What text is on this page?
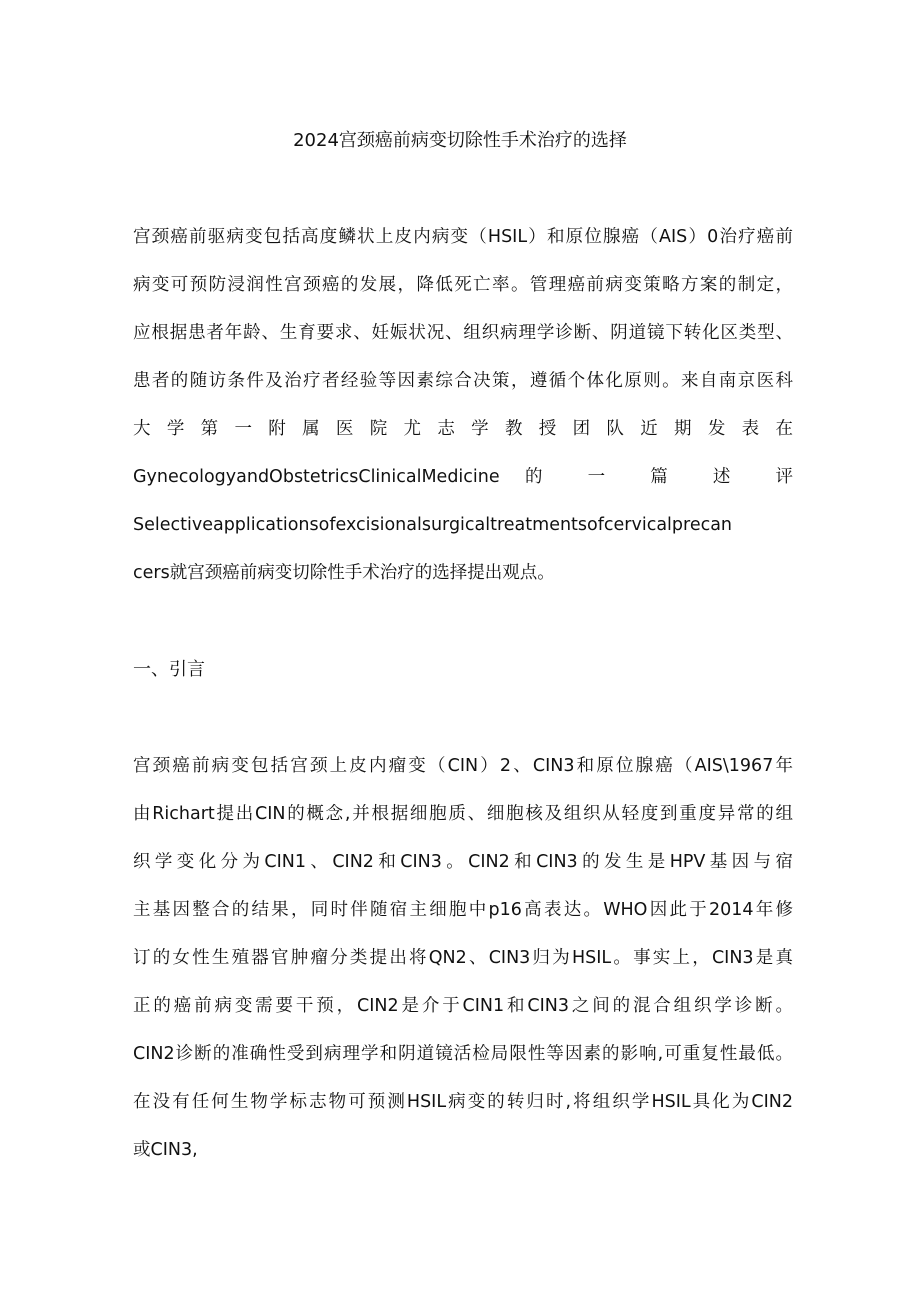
2024宫颈癌前病变切除性手术治疗的选择
宫颈癌前驱病变包括高度鳞状上皮内病变（HSIL）和原位腺癌（AIS）0治疗癌前
病变可预防浸润性宫颈癌的发展，降低死亡率。管理癌前病变策略方案的制定，
应根据患者年龄、生育要求、妊娠状况、组织病理学诊断、阴道镜下转化区类型、
患者的随访条件及治疗者经验等因素综合决策，遵循个体化原则。来自南京医科
大 学 第 一 附 属 医 院 尤 志 学 教 授 团 队 近 期 发 表 在
GynecologyandObstetricsClinicalMedicine 的 一 篇 述 评
Selectiveapplicationsofexcisionalsurgicaltreatmentsofcervicalprecan
cers就宫颈癌前病变切除性手术治疗的选择提出观点。
一、引言
宫颈癌前病变包括宫颈上皮内瘤变（CIN）2、CIN3和原位腺癌（AIS\1967年
由Richart提出CIN的概念,并根据细胞质、细胞核及组织从轻度到重度异常的组
织学变化分为CIN1、CIN2和CIN3。CIN2和CIN3的发生是HPV基因与宿
主基因整合的结果，同时伴随宿主细胞中p16高表达。WHO因此于2014年修
订的女性生殖器官肿瘤分类提出将QN2、CIN3归为HSIL。事实上，CIN3是真
正的癌前病变需要干预，CIN2是介于CIN1和CIN3之间的混合组织学诊断。
CIN2诊断的准确性受到病理学和阴道镜活检局限性等因素的影响,可重复性最低。
在没有任何生物学标志物可预测HSIL病变的转归时,将组织学HSIL具化为CIN2
或CIN3,
